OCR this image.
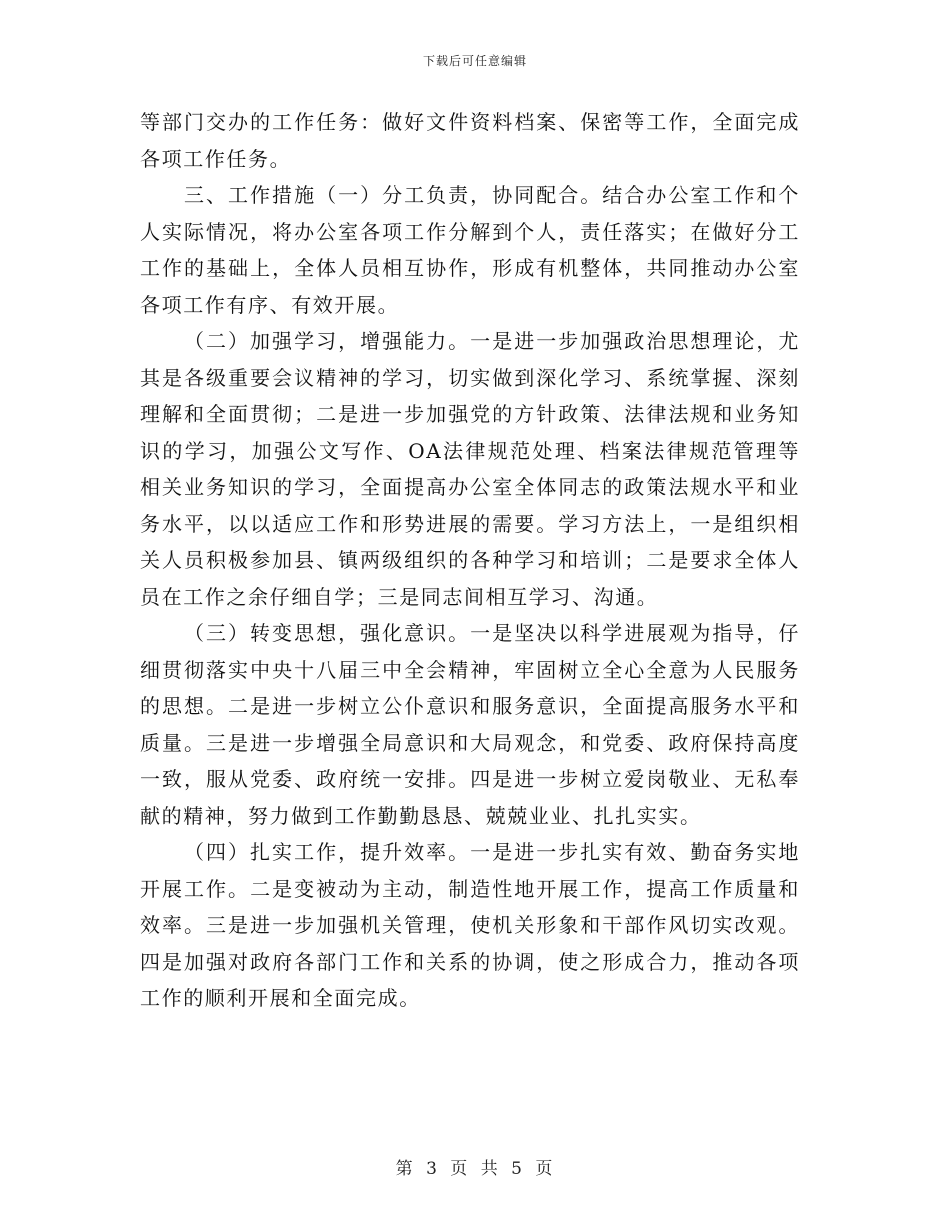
下载后可任意编辑

等部门交办的工作任务：做好文件资料档案、保密等工作，全面完成各项工作任务。

三、工作措施（一）分工负责，协同配合。结合办公室工作和个人实际情况，将办公室各项工作分解到个人，责任落实；在做好分工工作的基础上，全体人员相互协作，形成有机整体，共同推动办公室各项工作有序、有效开展。

（二）加强学习，增强能力。一是进一步加强政治思想理论，尤其是各级重要会议精神的学习，切实做到深化学习、系统掌握、深刻理解和全面贯彻；二是进一步加强党的方针政策、法律法规和业务知识的学习，加强公文写作、OA法律规范处理、档案法律规范管理等相关业务知识的学习，全面提高办公室全体同志的政策法规水平和业务水平，以以适应工作和形势进展的需要。学习方法上，一是组织相关人员积极参加县、镇两级组织的各种学习和培训；二是要求全体人员在工作之余仔细自学；三是同志间相互学习、沟通。

（三）转变思想，强化意识。一是坚决以科学进展观为指导，仔细贯彻落实中央十八届三中全会精神，牢固树立全心全意为人民服务的思想。二是进一步树立公仆意识和服务意识，全面提高服务水平和质量。三是进一步增强全局意识和大局观念，和党委、政府保持高度一致，服从党委、政府统一安排。四是进一步树立爱岗敬业、无私奉献的精神，努力做到工作勤勤恳恳、兢兢业业、扎扎实实。

（四）扎实工作，提升效率。一是进一步扎实有效、勤奋务实地开展工作。二是变被动为主动，制造性地开展工作，提高工作质量和效率。三是进一步加强机关管理，使机关形象和干部作风切实改观。四是加强对政府各部门工作和关系的协调，使之形成合力，推动各项工作的顺利开展和全面完成。

第 3 页 共 5 页
